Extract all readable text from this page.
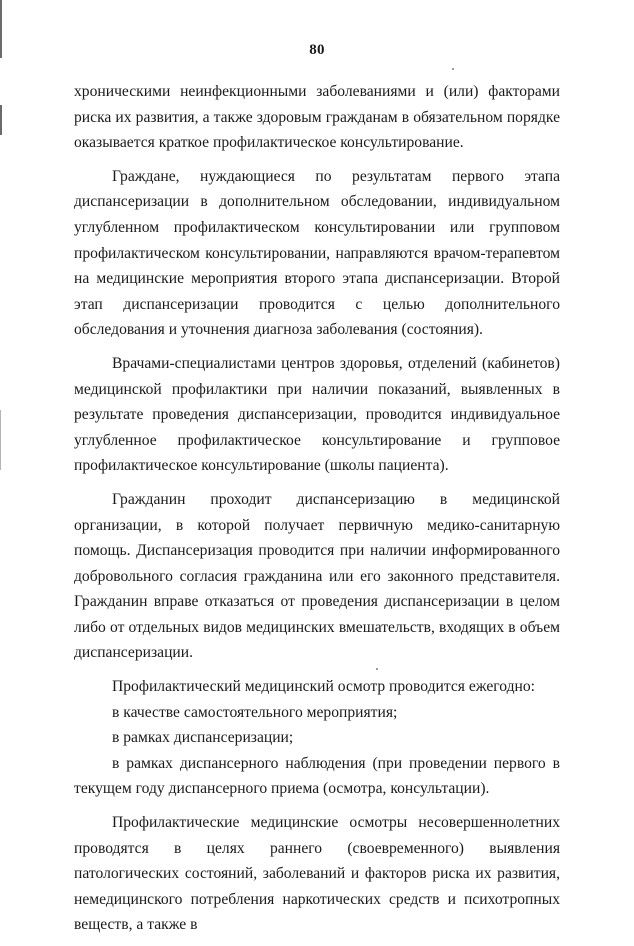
80

хроническими неинфекционными заболеваниями и (или) факторами риска их развития, а также здоровым гражданам в обязательном порядке оказывается краткое профилактическое консультирование.

Граждане, нуждающиеся по результатам первого этапа диспансеризации в дополнительном обследовании, индивидуальном углубленном профилактическом консультировании или групповом профилактическом консультировании, направляются врачом-терапевтом на медицинские мероприятия второго этапа диспансеризации. Второй этап диспансеризации проводится с целью дополнительного обследования и уточнения диагноза заболевания (состояния).

Врачами-специалистами центров здоровья, отделений (кабинетов) медицинской профилактики при наличии показаний, выявленных в результате проведения диспансеризации, проводится индивидуальное углубленное профилактическое консультирование и групповое профилактическое консультирование (школы пациента).

Гражданин проходит диспансеризацию в медицинской организации, в которой получает первичную медико-санитарную помощь. Диспансеризация проводится при наличии информированного добровольного согласия гражданина или его законного представителя. Гражданин вправе отказаться от проведения диспансеризации в целом либо от отдельных видов медицинских вмешательств, входящих в объем диспансеризации.

Профилактический медицинский осмотр проводится ежегодно:

в качестве самостоятельного мероприятия;

в рамках диспансеризации;

в рамках диспансерного наблюдения (при проведении первого в текущем году диспансерного приема (осмотра, консультации).

Профилактические медицинские осмотры несовершеннолетних проводятся в целях раннего (своевременного) выявления патологических состояний, заболеваний и факторов риска их развития, немедицинского потребления наркотических средств и психотропных веществ, а также в
